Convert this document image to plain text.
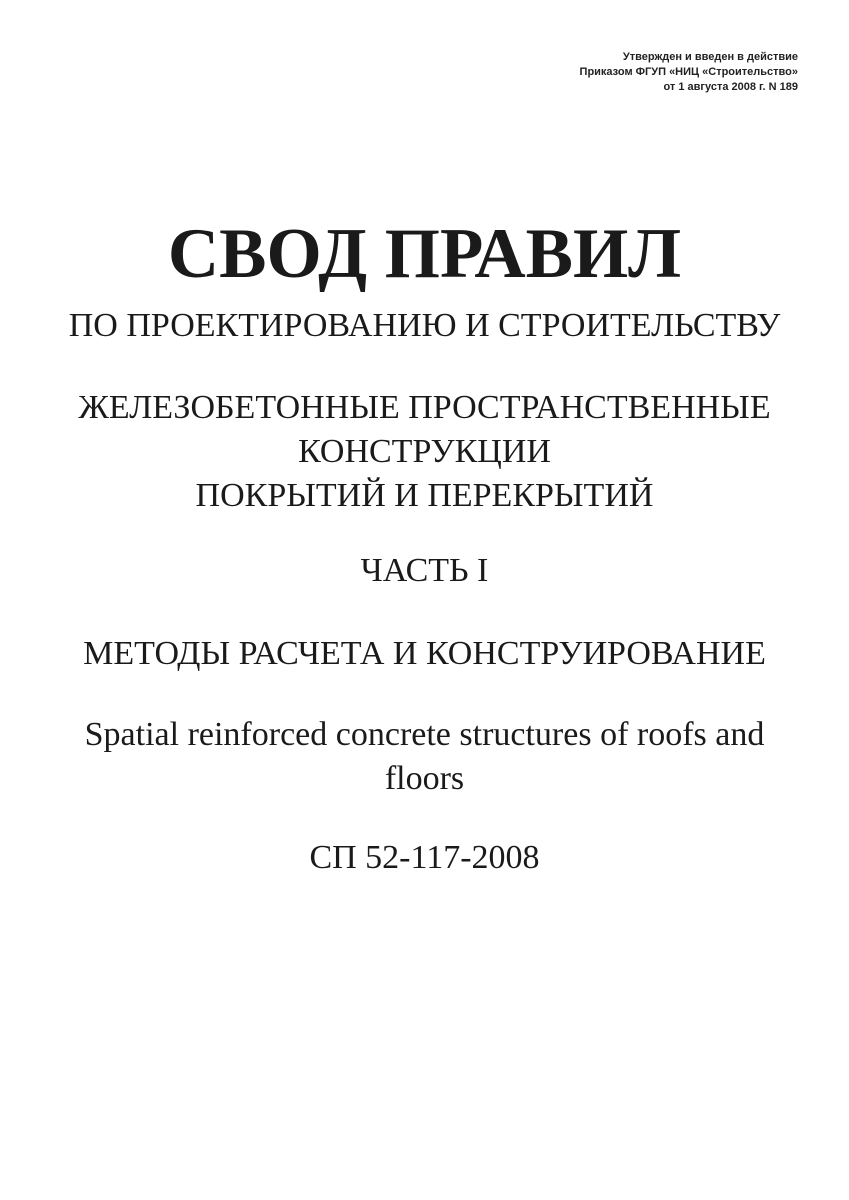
Утвержден и введен в действие
Приказом ФГУП «НИЦ «Строительство»
от 1 августа 2008 г. N 189
СВОД ПРАВИЛ
ПО ПРОЕКТИРОВАНИЮ И СТРОИТЕЛЬСТВУ
ЖЕЛЕЗОБЕТОННЫЕ ПРОСТРАНСТВЕННЫЕ
КОНСТРУКЦИИ
ПОКРЫТИЙ И ПЕРЕКРЫТИЙ
ЧАСТЬ I
МЕТОДЫ РАСЧЕТА И КОНСТРУИРОВАНИЕ
Spatial reinforced concrete structures of roofs and
floors
СП 52-117-2008
